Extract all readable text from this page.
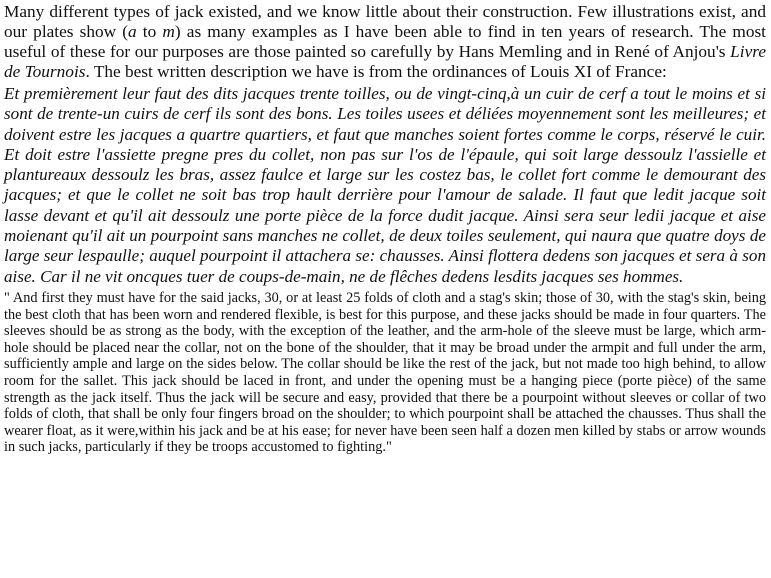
Many different types of jack existed, and we know little about their construction. Few illustrations exist, and our plates show (a to m) as many examples as I have been able to find in ten years of research. The most useful of these for our purposes are those painted so carefully by Hans Memling and in René of Anjou's Livre de Tournois. The best written description we have is from the ordinances of Louis XI of France:

Et premièrement leur faut des dits jacques trente toilles, ou de vingt-cinq,à un cuir de cerf a tout le moins et si sont de trente-un cuirs de cerf ils sont des bons. Les toiles usees et déliées moyennement sont les meilleures; et doivent estre les jacques a quartre quartiers, et faut que manches soient fortes comme le corps, réservé le cuir. Et doit estre l'assiette pregne pres du collet, non pas sur l'os de l'épaule, qui soit large dessoulz l'assielle et plantureaux dessoulz les bras, assez faulce et large sur les costez bas, le collet fort comme le demourant des jacques; et que le collet ne soit bas trop hault derrière pour l'amour de salade. Il faut que ledit jacque soit lasse devant et qu'il ait dessoulz une porte pièce de la force dudit jacque. Ainsi sera seur ledii jacque et aise moienant qu'il ait un pourpoint sans manches ne collet, de deux toiles seulement, qui naura que quatre doys de large seur lespaulle; auquel pourpoint il attachera se: chausses. Ainsi flottera dedens son jacques et sera à son aise. Car il ne vit oncques tuer de coups-de-main, ne de flêches dedens lesdits jacques ses hommes.

" And first they must have for the said jacks, 30, or at least 25 folds of cloth and a stag's skin; those of 30, with the stag's skin, being the best cloth that has been worn and rendered flexible, is best for this purpose, and these jacks should be made in four quarters. The sleeves should be as strong as the body, with the exception of the leather, and the arm-hole of the sleeve must be large, which arm-hole should be placed near the collar, not on the bone of the shoulder, that it may be broad under the armpit and full under the arm, sufficiently ample and large on the sides below. The collar should be like the rest of the jack, but not made too high behind, to allow room for the sallet. This jack should be laced in front, and under the opening must be a hanging piece (porte pièce) of the same strength as the jack itself. Thus the jack will be secure and easy, provided that there be a pourpoint without sleeves or collar of two folds of cloth, that shall be only four fingers broad on the shoulder; to which pourpoint shall be attached the chausses. Thus shall the wearer float, as it were,within his jack and be at his ease; for never have been seen half a dozen men killed by stabs or arrow wounds in such jacks, particularly if they be troops accustomed to fighting."
